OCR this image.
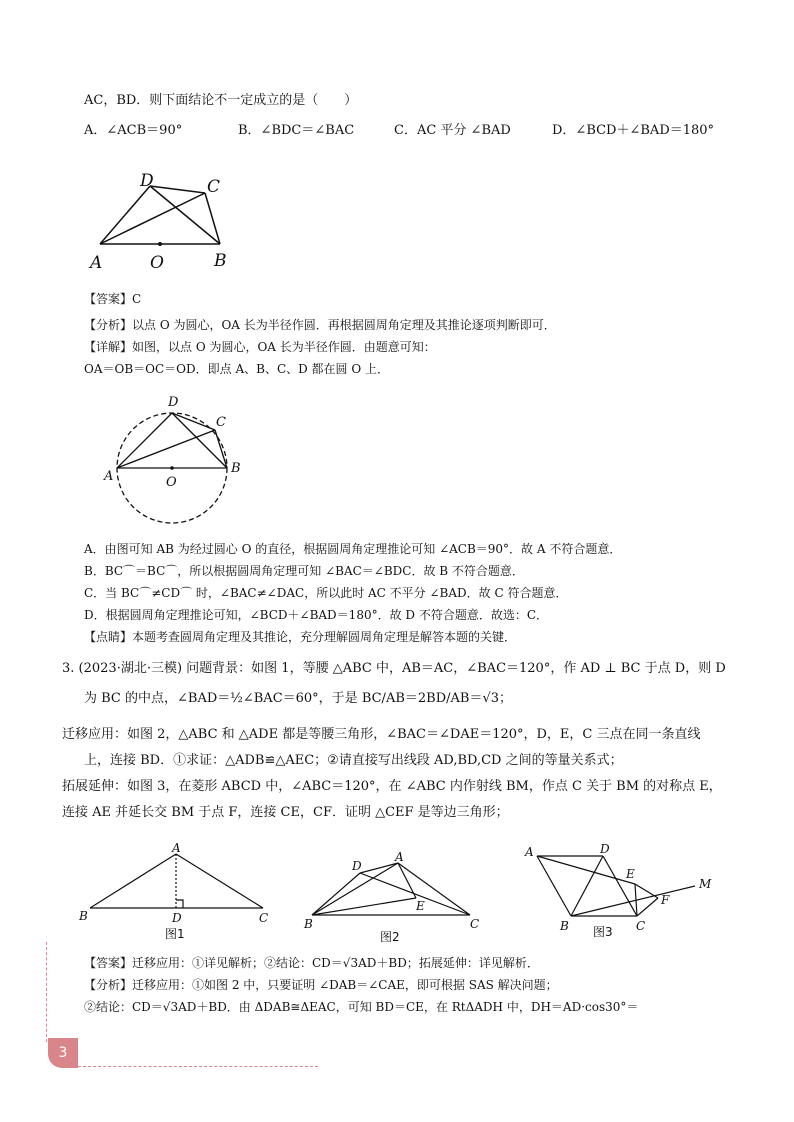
AC，BD．则下面结论不一定成立的是（　　）
A．∠ACB＝90°	B．∠BDC＝∠BAC	C．AC 平分 ∠BAD	D．∠BCD＋∠BAD＝180°
D	C
A	O	B
【答案】C
【分析】以点 O 为圆心，OA 长为半径作圆．再根据圆周角定理及其推论逐项判断即可．
【详解】如图，以点 O 为圆心，OA 长为半径作圆．由题意可知：
OA＝OB＝OC＝OD．即点 A、B、C、D 都在圆 O 上．
D
C
A
B
O
A．由图可知 AB 为经过圆心 O 的直径，根据圆周角定理推论可知 ∠ACB＝90°．故 A 不符合题意．
B．BC⌒＝BC⌒，所以根据圆周角定理可知 ∠BAC＝∠BDC．故 B 不符合题意．
C．当 BC⌒≠CD⌒ 时，∠BAC≠∠DAC，所以此时 AC 不平分 ∠BAD．故 C 符合题意．
D．根据圆周角定理推论可知，∠BCD＋∠BAD＝180°．故 D 不符合题意．故选：C．
【点睛】本题考查圆周角定理及其推论，充分理解圆周角定理是解答本题的关键．
3. (2023·湖北·三模) 问题背景：如图 1，等腰 △ABC 中，AB＝AC，∠BAC＝120°，作 AD ⊥ BC 于点 D，则 D
为 BC 的中点，∠BAD＝½∠BAC＝60°，于是 BC/AB＝2BD/AB＝√3；
迁移应用：如图 2，△ABC 和 △ADE 都是等腰三角形，∠BAC＝∠DAE＝120°，D，E，C 三点在同一条直线
上，连接 BD．①求证：△ADB≌△AEC；②请直接写出线段 AD,BD,CD 之间的等量关系式；
拓展延伸：如图 3，在菱形 ABCD 中，∠ABC＝120°，在 ∠ABC 内作射线 BM，作点 C 关于 BM 的对称点 E，
连接 AE 并延长交 BM 于点 F，连接 CE，CF．证明 △CEF 是等边三角形；
A
B	D	C
图1
D
A
E
B	C
图2
A	D
E
M
F
B	C
图3
【答案】迁移应用：①详见解析；②结论：CD＝√3AD＋BD；拓展延伸：详见解析．
【分析】迁移应用：①如图 2 中，只要证明 ∠DAB＝∠CAE，即可根据 SAS 解决问题；
②结论：CD＝√3AD＋BD．由 ΔDAB≅ΔEAC，可知 BD＝CE，在 RtΔADH 中，DH＝AD·cos30°＝
3
